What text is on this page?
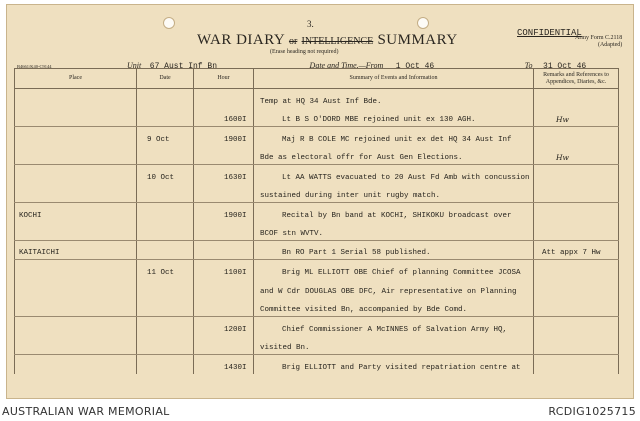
3.
WAR DIARY or INTELLIGENCE SUMMARY
(Erase heading not required)
CONFIDENTIAL
Army Form C.2118
(Adapted)
B4661/K40-C9144	Unit 67 Aust Inf Bn	Date and Time.—From 1 Oct 46	To 31 Oct 46
Place	Date	Hour	Summary of Events and Information	Remarks and References to Appendices, Diaries, &c.
			Temp at HQ 34 Aust Inf Bde.	
		1600I	Lt B S O'DORD MBE rejoined unit ex 130 AGH.	Hw
	9 Oct	1900I	Maj R B COLE MC rejoined unit ex det HQ 34 Aust Inf	
			Bde as electoral offr for Aust Gen Elections.	Hw
	10 Oct	1630I	Lt AA WATTS evacuated to 20 Aust Fd Amb with concussion	
			sustained during inter unit rugby match.	
KOCHI		1900I	Recital by Bn band at KOCHI, SHIKOKU broadcast over	
			BCOF stn WVTV.	
KAITAICHI			Bn RO Part 1 Serial 58 published.	Att appx 7 Hw
	11 Oct	1100I	Brig ML ELLIOTT OBE Chief of planning Committee JCOSA	
			and W Cdr DOUGLAS OBE DFC, Air representative on Planning	
			Committee visited Bn, accompanied by Bde Comd.	
		1200I	Chief Commissioner A McINNES of Salvation Army HQ,	
			visited Bn.	
		1430I	Brig ELLIOTT and Party visited repatriation centre at	
AUSTRALIAN WAR MEMORIAL	RCDIG1025715
